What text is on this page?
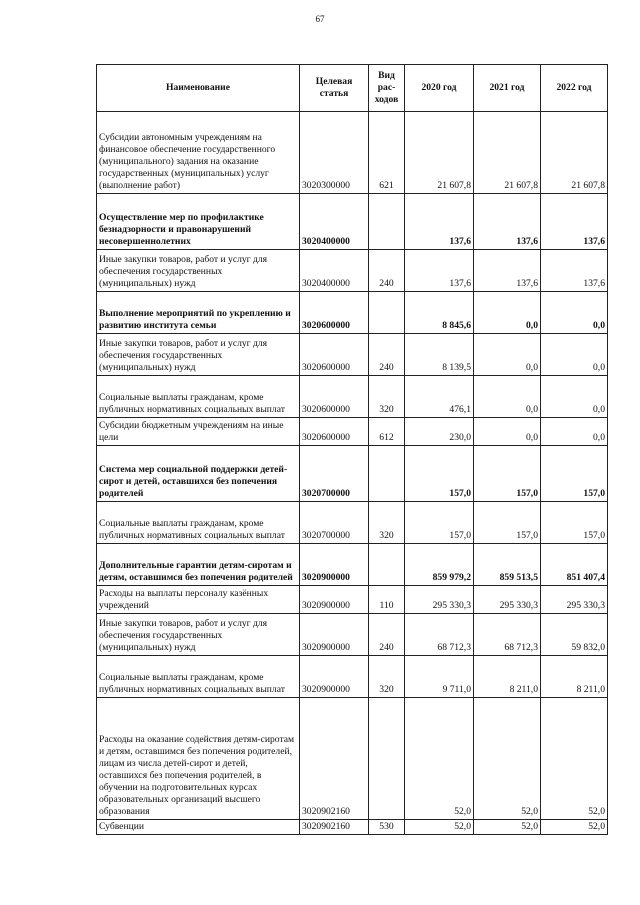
67
Наименование	Целевая статья	Вид рас- ходов	2020 год	2021 год	2022 год
Субсидии автономным учреждениям на финансовое обеспечение государственного (муниципального) задания на оказание государственных (муниципальных) услуг (выполнение работ)	3020300000	621	21 607,8	21 607,8	21 607,8
Осуществление мер по профилактике безнадзорности и правонарушений несовершеннолетних	3020400000		137,6	137,6	137,6
Иные закупки товаров, работ и услуг для обеспечения государственных (муниципальных) нужд	3020400000	240	137,6	137,6	137,6
Выполнение мероприятий по укреплению и развитию института семьи	3020600000		8 845,6	0,0	0,0
Иные закупки товаров, работ и услуг для обеспечения государственных (муниципальных) нужд	3020600000	240	8 139,5	0,0	0,0
Социальные выплаты гражданам, кроме публичных нормативных социальных выплат	3020600000	320	476,1	0,0	0,0
Субсидии бюджетным учреждениям на иные цели	3020600000	612	230,0	0,0	0,0
Система мер социальной поддержки детей-сирот и детей, оставшихся без попечения родителей	3020700000		157,0	157,0	157,0
Социальные выплаты гражданам, кроме публичных нормативных социальных выплат	3020700000	320	157,0	157,0	157,0
Дополнительные гарантии детям-сиротам и детям, оставшимся без попечения родителей	3020900000		859 979,2	859 513,5	851 407,4
Расходы на выплаты персоналу казённых учреждений	3020900000	110	295 330,3	295 330,3	295 330,3
Иные закупки товаров, работ и услуг для обеспечения государственных (муниципальных) нужд	3020900000	240	68 712,3	68 712,3	59 832,0
Социальные выплаты гражданам, кроме публичных нормативных социальных выплат	3020900000	320	9 711,0	8 211,0	8 211,0
Расходы на оказание содействия детям-сиротам и детям, оставшимся без попечения родителей, лицам из числа детей-сирот и детей, оставшихся без попечения родителей, в обучении на подготовительных курсах образовательных организаций высшего образования	3020902160		52,0	52,0	52,0
Субвенции	3020902160	530	52,0	52,0	52,0
